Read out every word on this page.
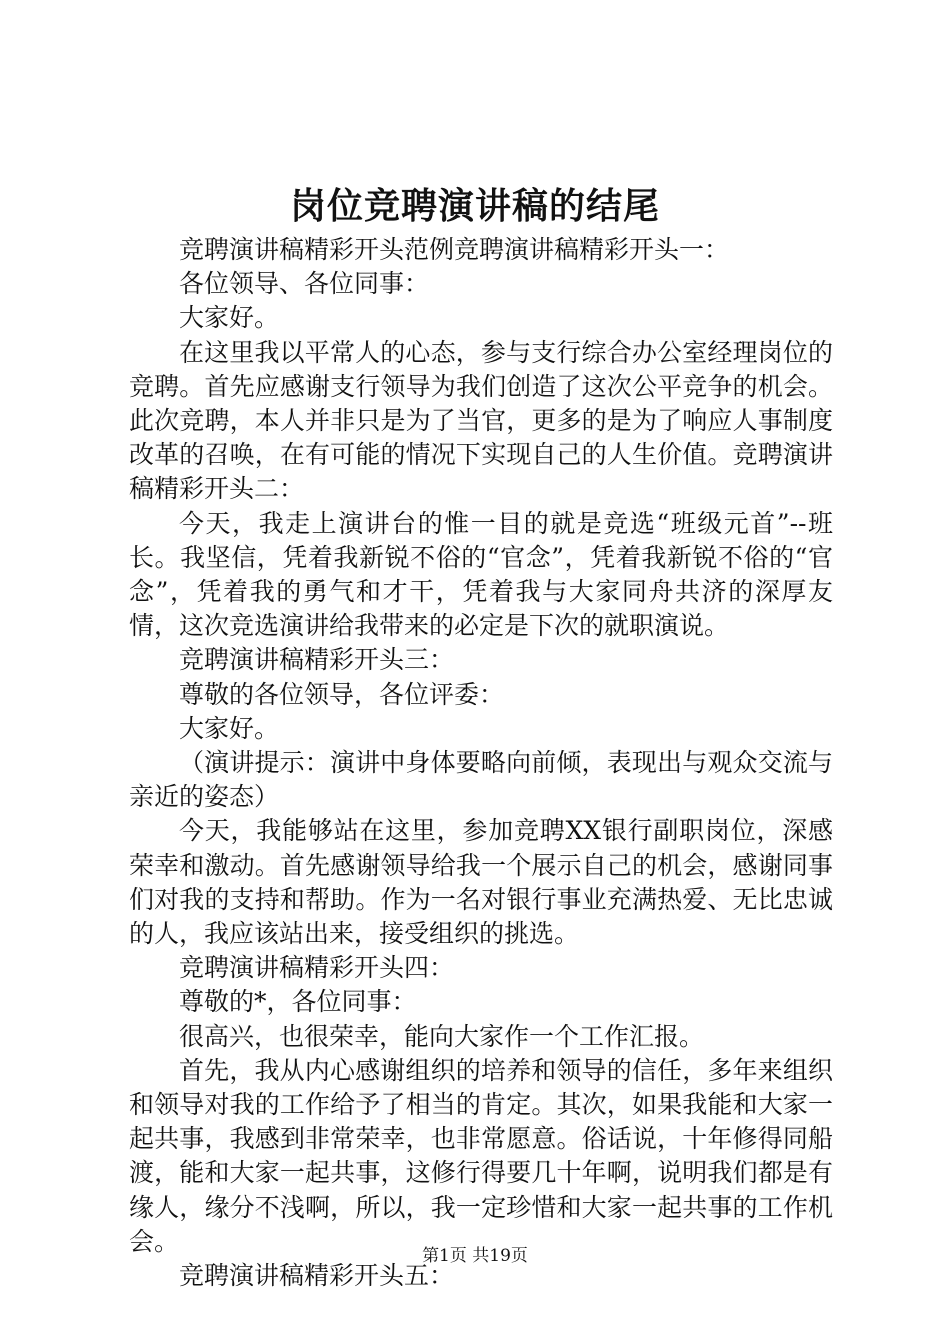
岗位竞聘演讲稿的结尾

竞聘演讲稿精彩开头范例竞聘演讲稿精彩开头一：

各位领导、各位同事：

大家好。

在这里我以平常人的心态，参与支行综合办公室经理岗位的竞聘。首先应感谢支行领导为我们创造了这次公平竞争的机会。此次竞聘，本人并非只是为了当官，更多的是为了响应人事制度改革的召唤，在有可能的情况下实现自己的人生价值。竞聘演讲稿精彩开头二：

今天，我走上演讲台的惟一目的就是竞选“班级元首”--班长。我坚信，凭着我新锐不俗的“官念”，凭着我新锐不俗的“官念”，凭着我的勇气和才干，凭着我与大家同舟共济的深厚友情，这次竞选演讲给我带来的必定是下次的就职演说。

竞聘演讲稿精彩开头三：

尊敬的各位领导，各位评委：

大家好。

（演讲提示：演讲中身体要略向前倾，表现出与观众交流与亲近的姿态）

今天，我能够站在这里，参加竞聘XX银行副职岗位，深感荣幸和激动。首先感谢领导给我一个展示自己的机会，感谢同事们对我的支持和帮助。作为一名对银行事业充满热爱、无比忠诚的人，我应该站出来，接受组织的挑选。

竞聘演讲稿精彩开头四：

尊敬的*，各位同事：

很高兴，也很荣幸，能向大家作一个工作汇报。

首先，我从内心感谢组织的培养和领导的信任，多年来组织和领导对我的工作给予了相当的肯定。其次，如果我能和大家一起共事，我感到非常荣幸，也非常愿意。俗话说，十年修得同船渡，能和大家一起共事，这修行得要几十年啊，说明我们都是有缘人，缘分不浅啊，所以，我一定珍惜和大家一起共事的工作机会。

竞聘演讲稿精彩开头五：

第1页 共19页
